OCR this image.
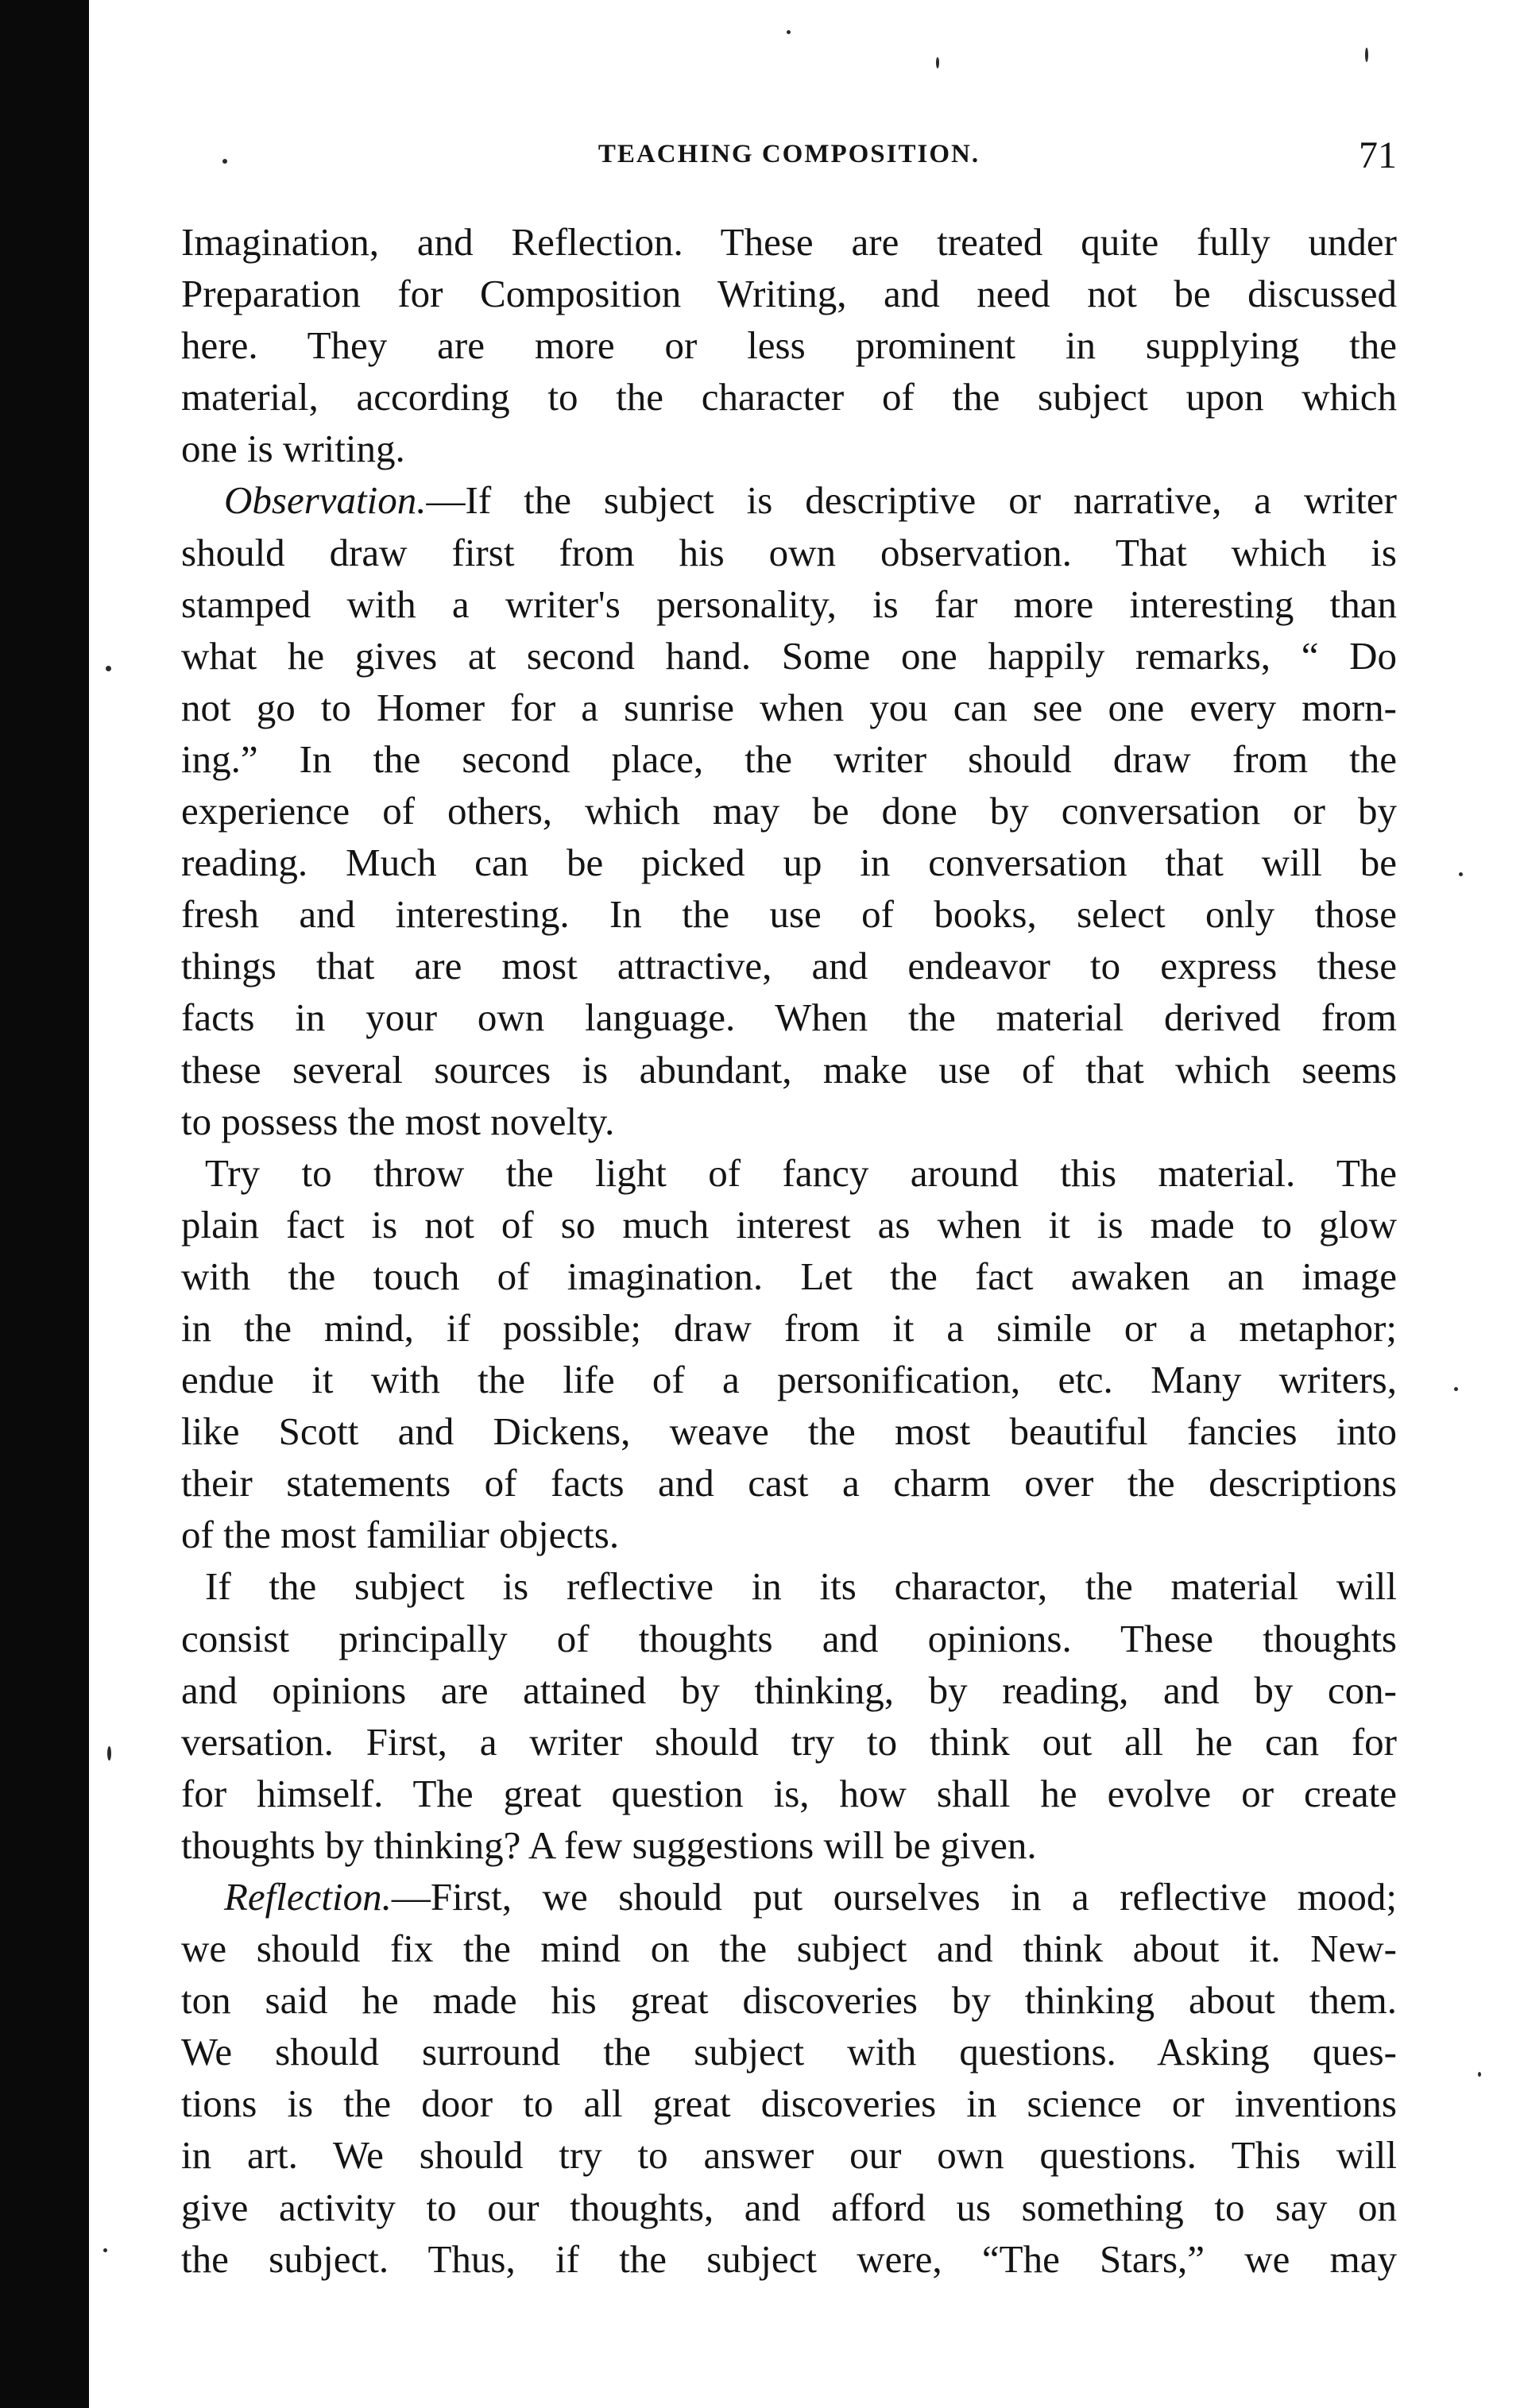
TEACHING COMPOSITION.	71
Imagination, and Reflection. These are treated quite fully under
Preparation for Composition Writing, and need not be discussed
here. They are more or less prominent in supplying the
material, according to the character of the subject upon which
one is writing.
Observation.—If the subject is descriptive or narrative, a writer
should draw first from his own observation. That which is
stamped with a writer's personality, is far more interesting than
what he gives at second hand. Some one happily remarks, “ Do
not go to Homer for a sunrise when you can see one every morn-
ing.” In the second place, the writer should draw from the
experience of others, which may be done by conversation or by
reading. Much can be picked up in conversation that will be
fresh and interesting. In the use of books, select only those
things that are most attractive, and endeavor to express these
facts in your own language. When the material derived from
these several sources is abundant, make use of that which seems
to possess the most novelty.
Try to throw the light of fancy around this material. The
plain fact is not of so much interest as when it is made to glow
with the touch of imagination. Let the fact awaken an image
in the mind, if possible; draw from it a simile or a metaphor;
endue it with the life of a personification, etc. Many writers,
like Scott and Dickens, weave the most beautiful fancies into
their statements of facts and cast a charm over the descriptions
of the most familiar objects.
If the subject is reflective in its charactor, the material will
consist principally of thoughts and opinions. These thoughts
and opinions are attained by thinking, by reading, and by con-
versation. First, a writer should try to think out all he can for
for himself. The great question is, how shall he evolve or create
thoughts by thinking? A few suggestions will be given.
Reflection.—First, we should put ourselves in a reflective mood;
we should fix the mind on the subject and think about it. New-
ton said he made his great discoveries by thinking about them.
We should surround the subject with questions. Asking ques-
tions is the door to all great discoveries in science or inventions
in art. We should try to answer our own questions. This will
give activity to our thoughts, and afford us something to say on
the subject. Thus, if the subject were, “The Stars,” we may
